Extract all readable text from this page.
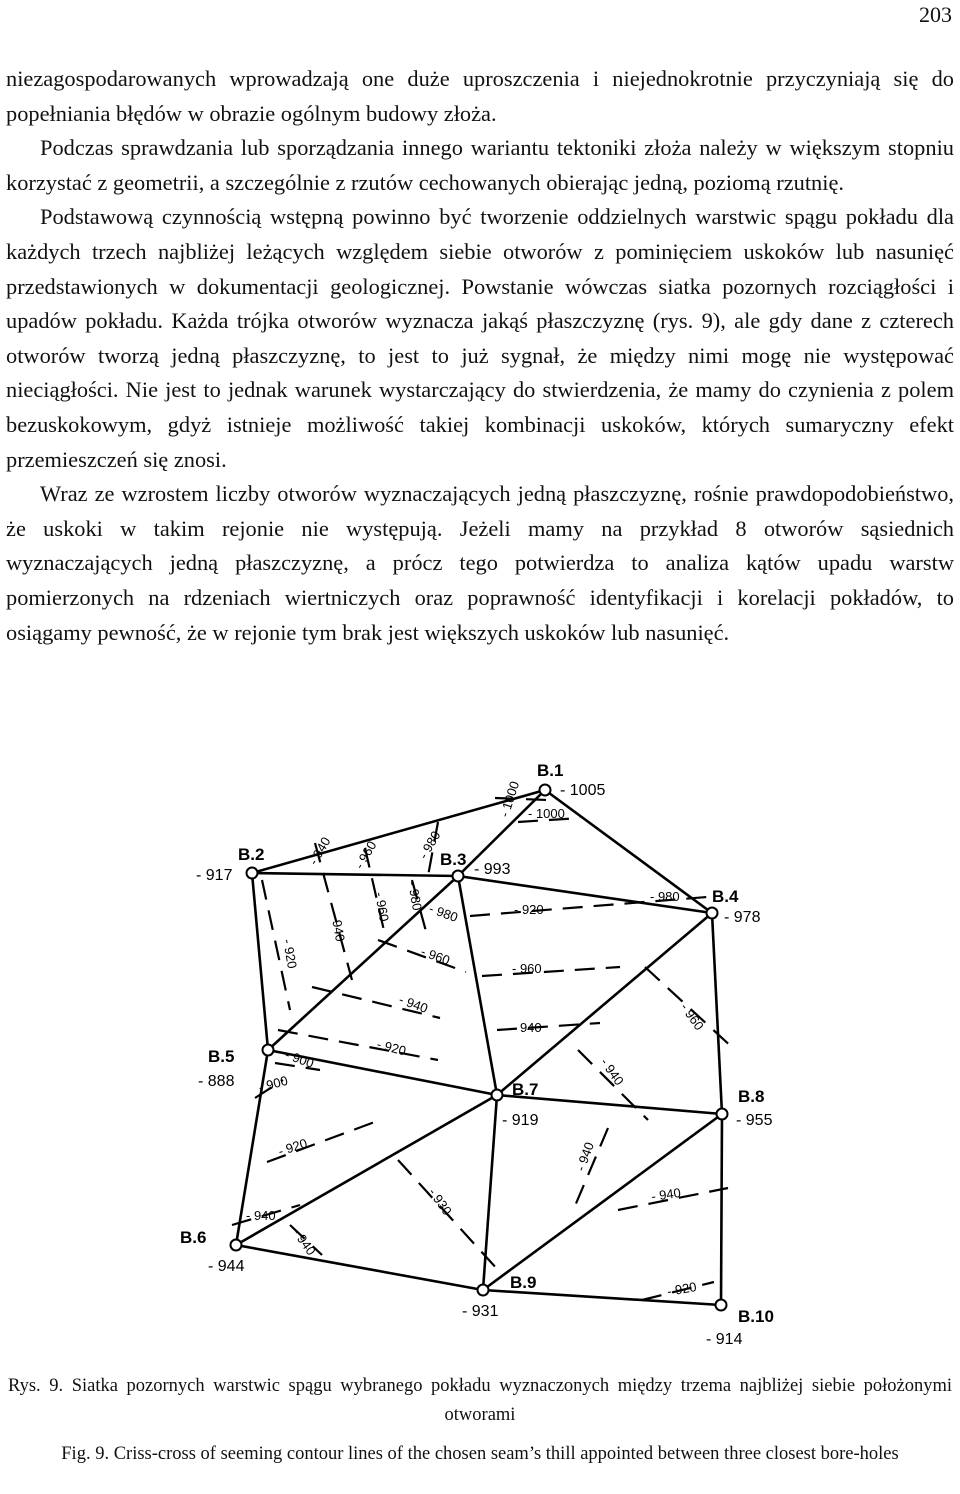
203

niezagospodarowanych wprowadzają one duże uproszczenia i niejednokrotnie przyczyniają się do popełniania błędów w obrazie ogólnym budowy złoża.

Podczas sprawdzania lub sporządzania innego wariantu tektoniki złoża należy w większym stopniu korzystać z geometrii, a szczególnie z rzutów cechowanych obierając jedną, poziomą rzutnię.

Podstawową czynnością wstępną powinno być tworzenie oddzielnych warstwic spągu pokładu dla każdych trzech najbliżej leżących względem siebie otworów z pominięciem uskoków lub nasunięć przedstawionych w dokumentacji geologicznej. Powstanie wówczas siatka pozornych rozciągłości i upadów pokładu. Każda trójka otworów wyznacza jakąś płaszczyznę (rys. 9), ale gdy dane z czterech otworów tworzą jedną płaszczyznę, to jest to już sygnał, że między nimi mogę nie występować nieciągłości. Nie jest to jednak warunek wystarczający do stwierdzenia, że mamy do czynienia z polem bezuskokowym, gdyż istnieje możliwość takiej kombinacji uskoków, których sumaryczny efekt przemieszczeń się znosi.

Wraz ze wzrostem liczby otworów wyznaczających jedną płaszczyznę, rośnie prawdopodobieństwo, że uskoki w takim rejonie nie występują. Jeżeli mamy na przykład 8 otworów sąsiednich wyznaczających jedną płaszczyznę, a prócz tego potwierdza to analiza kątów upadu warstw pomierzonych na rdzeniach wiertniczych oraz poprawność identyfikacji i korelacji pokładów, to osiągamy pewność, że w rejonie tym brak jest większych uskoków lub nasunięć.

B.1
B.2	B.3
B.4
B.5
B.6
B.7	B.8
B.9
B.10
- 1005
- 917	- 993
- 978
- 888
- 944
- 919	- 955
- 931
- 914
- 1000 - 1000
- 940 - 960	- 980
- 980
- 960
- 940
- 920
- 980
- 980
- 960
- 960
- 940
- 940
- 920
- 900
- 900
- 920
- 960
- 940
- 940
- 930
- 940
- 940
- 940
- 920
- 920
Rys. 9. Siatka pozornych warstwic spągu wybranego pokładu wyznaczonych między trzema najbliżej siebie położonymi otworami
Fig. 9. Criss-cross of seeming contour lines of the chosen seam’s thill appointed between three closest bore-holes
